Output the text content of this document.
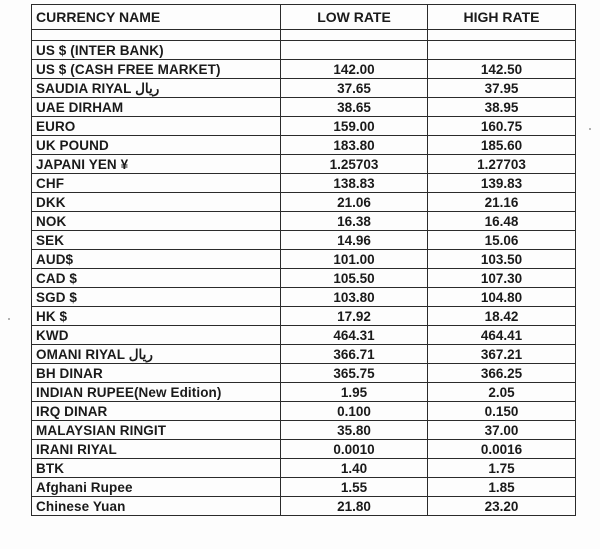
CURRENCY NAME	LOW RATE	HIGH RATE

US $ (INTER BANK)		
US $ (CASH FREE MARKET)	142.00	142.50
SAUDIA RIYAL ریال	37.65	37.95
UAE DIRHAM	38.65	38.95
EURO	159.00	160.75
UK POUND	183.80	185.60
JAPANI YEN ¥	1.25703	1.27703
CHF	138.83	139.83
DKK	21.06	21.16
NOK	16.38	16.48
SEK	14.96	15.06
AUD$	101.00	103.50
CAD $	105.50	107.30
SGD $	103.80	104.80
HK $	17.92	18.42
KWD	464.31	464.41
OMANI RIYAL ریال	366.71	367.21
BH DINAR	365.75	366.25
INDIAN RUPEE(New Edition)	1.95	2.05
IRQ DINAR	0.100	0.150
MALAYSIAN RINGIT	35.80	37.00
IRANI RIYAL	0.0010	0.0016
BTK	1.40	1.75
Afghani Rupee	1.55	1.85
Chinese Yuan	21.80	23.20
